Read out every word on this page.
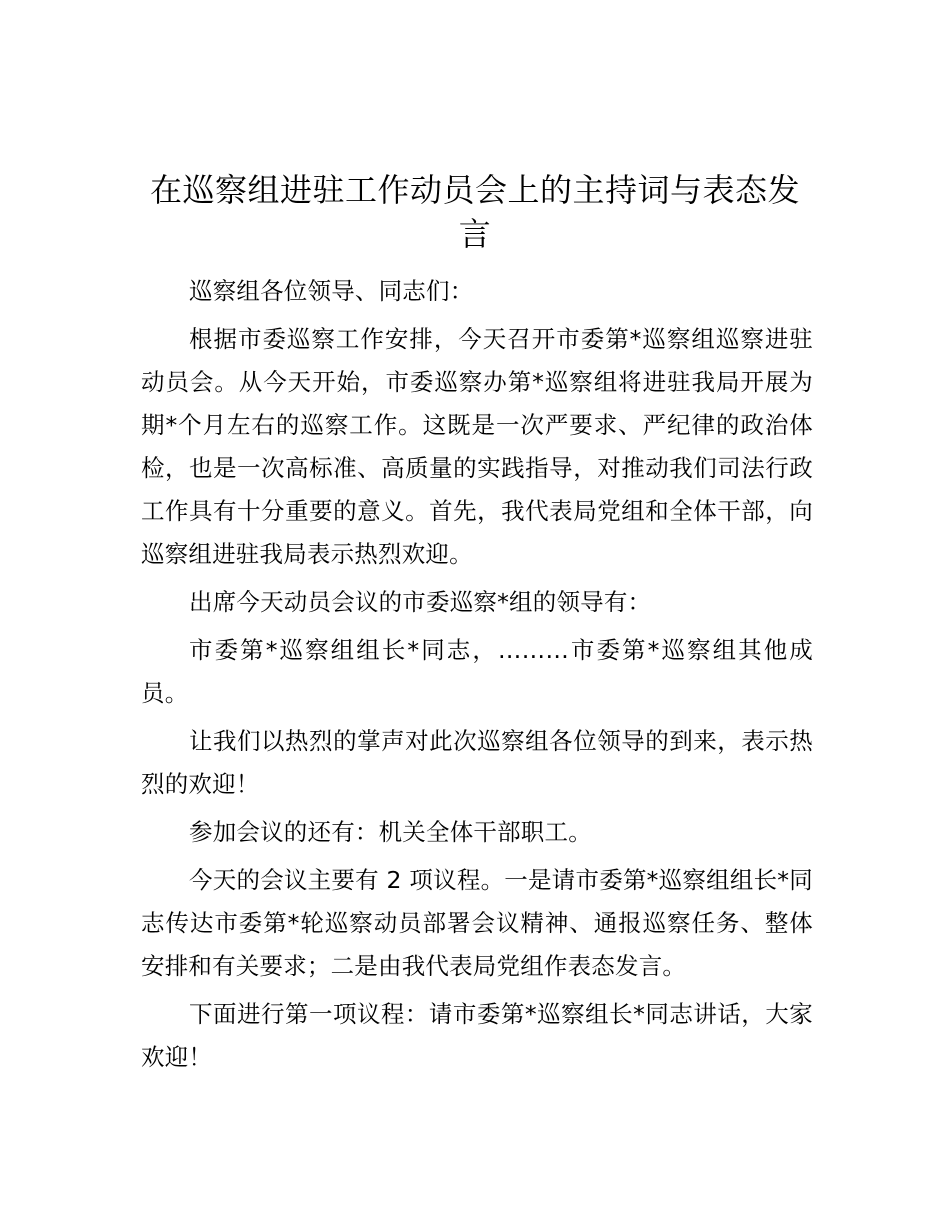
在巡察组进驻工作动员会上的主持词与表态发言

巡察组各位领导、同志们：

根据市委巡察工作安排，今天召开市委第*巡察组巡察进驻动员会。从今天开始，市委巡察办第*巡察组将进驻我局开展为期*个月左右的巡察工作。这既是一次严要求、严纪律的政治体检，也是一次高标准、高质量的实践指导，对推动我们司法行政工作具有十分重要的意义。首先，我代表局党组和全体干部，向巡察组进驻我局表示热烈欢迎。

出席今天动员会议的市委巡察*组的领导有：

市委第*巡察组组长*同志，………市委第*巡察组其他成员。

让我们以热烈的掌声对此次巡察组各位领导的到来，表示热烈的欢迎！

参加会议的还有：机关全体干部职工。

今天的会议主要有 2 项议程。一是请市委第*巡察组组长*同志传达市委第*轮巡察动员部署会议精神、通报巡察任务、整体安排和有关要求；二是由我代表局党组作表态发言。

下面进行第一项议程：请市委第*巡察组长*同志讲话，大家欢迎！
